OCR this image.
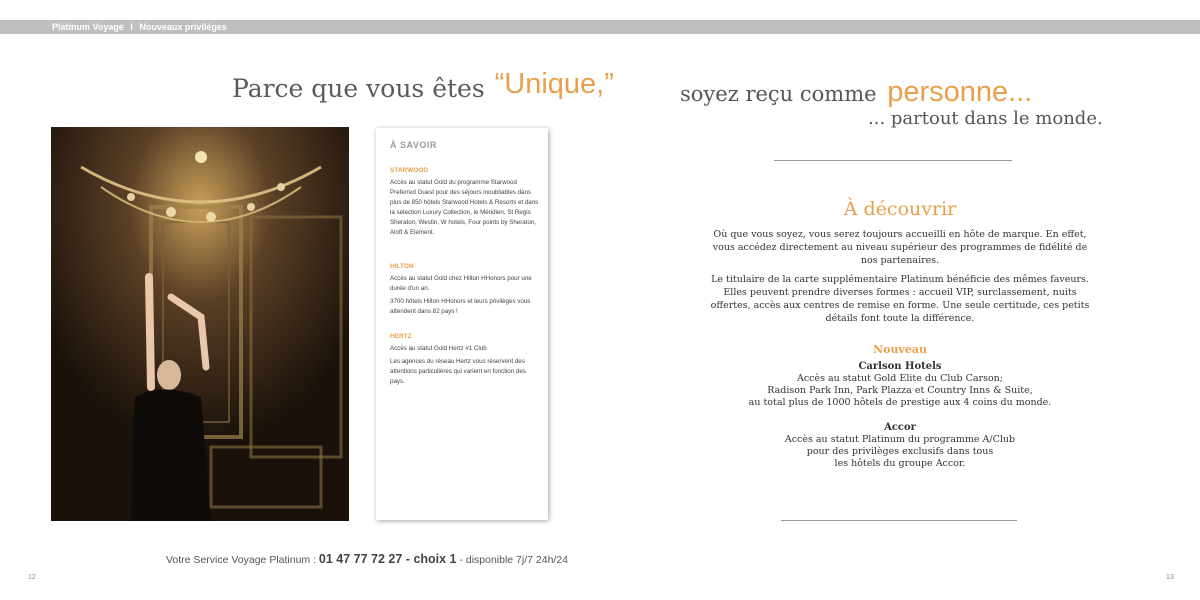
Platinum Voyage I Nouveaux privilèges
Parce que vous êtes “Unique,”	soyez reçu comme personne...
... partout dans le monde.
À SAVOIR
STARWOOD

Accès au statut Gold du programme Starwood Preferred Guest pour des séjours inoubliables dans plus de 850 hôtels Starwood Hotels & Resorts et dans la sélection Luxury Collection, le Méridien, St Regis Sheraton, Westin, W hotels, Four points by Sheraton, Aloft & Element.

HILTON

Accès au statut Gold chez Hilton HHonors pour une durée d'un an.

3700 hôtels Hilton HHonors et leurs privilèges vous attendent dans 82 pays !

HERTZ

Accès au statut Gold Hertz #1 Club

Les agences du réseau Hertz vous réservent des attentions particulières qui varient en fonction des pays.

À découvrir

Où que vous soyez, vous serez toujours accueilli en hôte de marque. En effet, vous accédez directement au niveau supérieur des programmes de fidélité de nos partenaires.

Le titulaire de la carte supplémentaire Platinum bénéficie des mêmes faveurs. Elles peuvent prendre diverses formes : accueil VIP, surclassement, nuits offertes, accès aux centres de remise en forme. Une seule certitude, ces petits détails font toute la différence.

Nouveau
Carlson Hotels
Accès au statut Gold Elite du Club Carson;
Radison Park Inn, Park Plazza et Country Inns & Suite,
au total plus de 1000 hôtels de prestige aux 4 coins du monde.
Accor
Accès au statut Platinum du programme A/Club
pour des privilèges exclusifs dans tous
les hôtels du groupe Accor.
Votre Service Voyage Platinum : 01 47 77 72 27 - choix 1 - disponible 7j/7 24h/24
12	13
